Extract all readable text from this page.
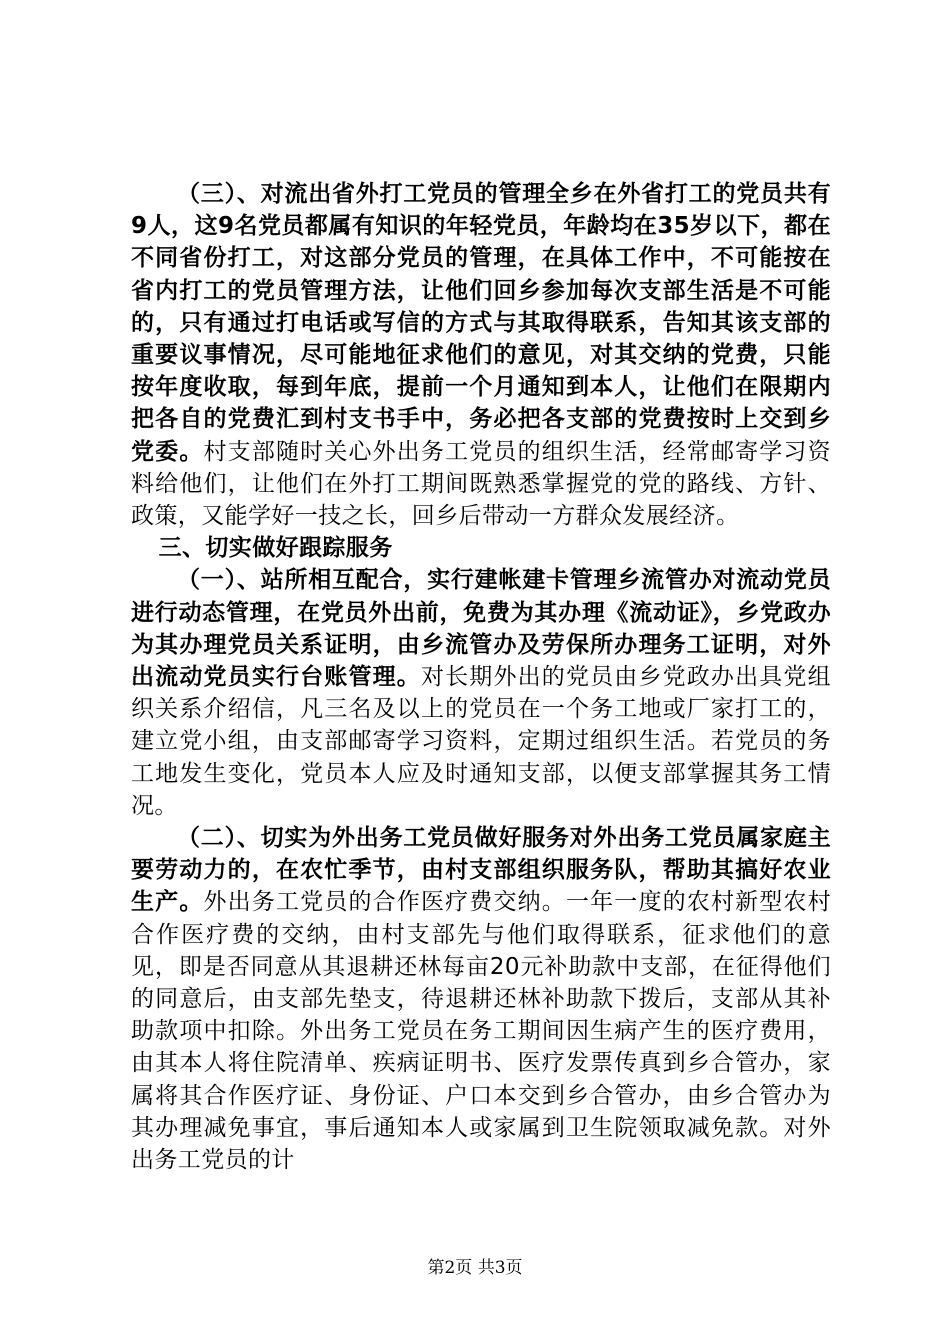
（三）、对流出省外打工党员的管理全乡在外省打工的党员共有9人，这9名党员都属有知识的年轻党员，年龄均在35岁以下，都在不同省份打工，对这部分党员的管理，在具体工作中，不可能按在省内打工的党员管理方法，让他们回乡参加每次支部生活是不可能的，只有通过打电话或写信的方式与其取得联系，告知其该支部的重要议事情况，尽可能地征求他们的意见，对其交纳的党费，只能按年度收取，每到年底，提前一个月通知到本人，让他们在限期内把各自的党费汇到村支书手中，务必把各支部的党费按时上交到乡党委。村支部随时关心外出务工党员的组织生活，经常邮寄学习资料给他们，让他们在外打工期间既熟悉掌握党的党的路线、方针、政策，又能学好一技之长，回乡后带动一方群众发展经济。

三、切实做好跟踪服务

（一）、站所相互配合，实行建帐建卡管理乡流管办对流动党员进行动态管理，在党员外出前，免费为其办理《流动证》，乡党政办为其办理党员关系证明，由乡流管办及劳保所办理务工证明，对外出流动党员实行台账管理。对长期外出的党员由乡党政办出具党组织关系介绍信，凡三名及以上的党员在一个务工地或厂家打工的，建立党小组，由支部邮寄学习资料，定期过组织生活。若党员的务工地发生变化，党员本人应及时通知支部，以便支部掌握其务工情况。

（二）、切实为外出务工党员做好服务对外出务工党员属家庭主要劳动力的，在农忙季节，由村支部组织服务队，帮助其搞好农业生产。外出务工党员的合作医疗费交纳。一年一度的农村新型农村合作医疗费的交纳，由村支部先与他们取得联系，征求他们的意见，即是否同意从其退耕还林每亩20元补助款中支部，在征得他们的同意后，由支部先垫支，待退耕还林补助款下拨后，支部从其补助款项中扣除。外出务工党员在务工期间因生病产生的医疗费用，由其本人将住院清单、疾病证明书、医疗发票传真到乡合管办，家属将其合作医疗证、身份证、户口本交到乡合管办，由乡合管办为其办理减免事宜，事后通知本人或家属到卫生院领取减免款。对外出务工党员的计

第2页 共3页
